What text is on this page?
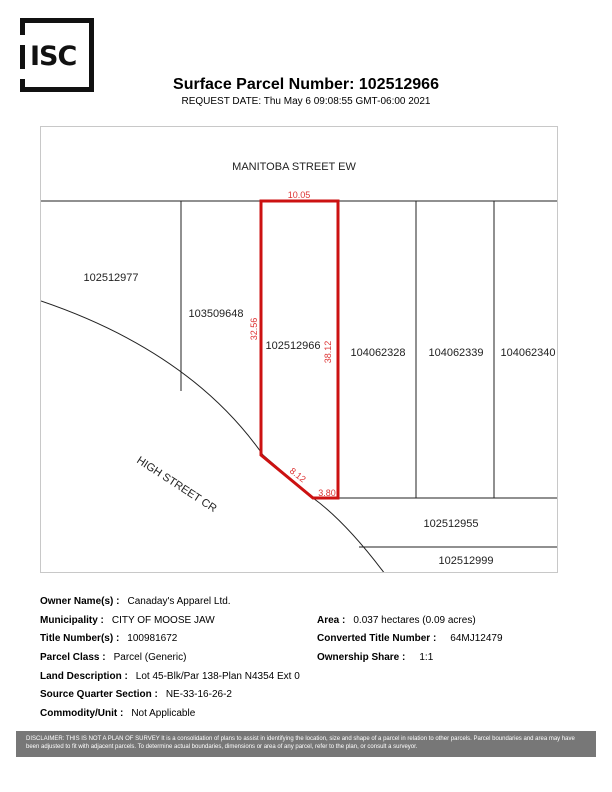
ISC
Surface Parcel Number: 102512966
REQUEST DATE: Thu May 6 09:08:55 GMT-06:00 2021
MANITOBA STREET EW
HIGH STREET CR
102512977
103509648
102512966
104062328 104062339 104062340
102512955
102512999
10.05
32.56
38.12
8.12
3.80
Owner Name(s) : Canaday's Apparel Ltd.
Municipality : CITY OF MOOSE JAW
Title Number(s) : 100981672
Parcel Class : Parcel (Generic)
Land Description : Lot 45-Blk/Par 138-Plan N4354 Ext 0
Source Quarter Section : NE-33-16-26-2
Commodity/Unit : Not Applicable
Area : 0.037 hectares (0.09 acres)
Converted Title Number : 64MJ12479
Ownership Share : 1:1
DISCLAIMER: THIS IS NOT A PLAN OF SURVEY It is a consolidation of plans to assist in identifying the location, size and shape of a parcel in relation to other parcels. Parcel boundaries and area may have been adjusted to fit with adjacent parcels. To determine actual boundaries, dimensions or area of any parcel, refer to the plan, or consult a surveyor.
